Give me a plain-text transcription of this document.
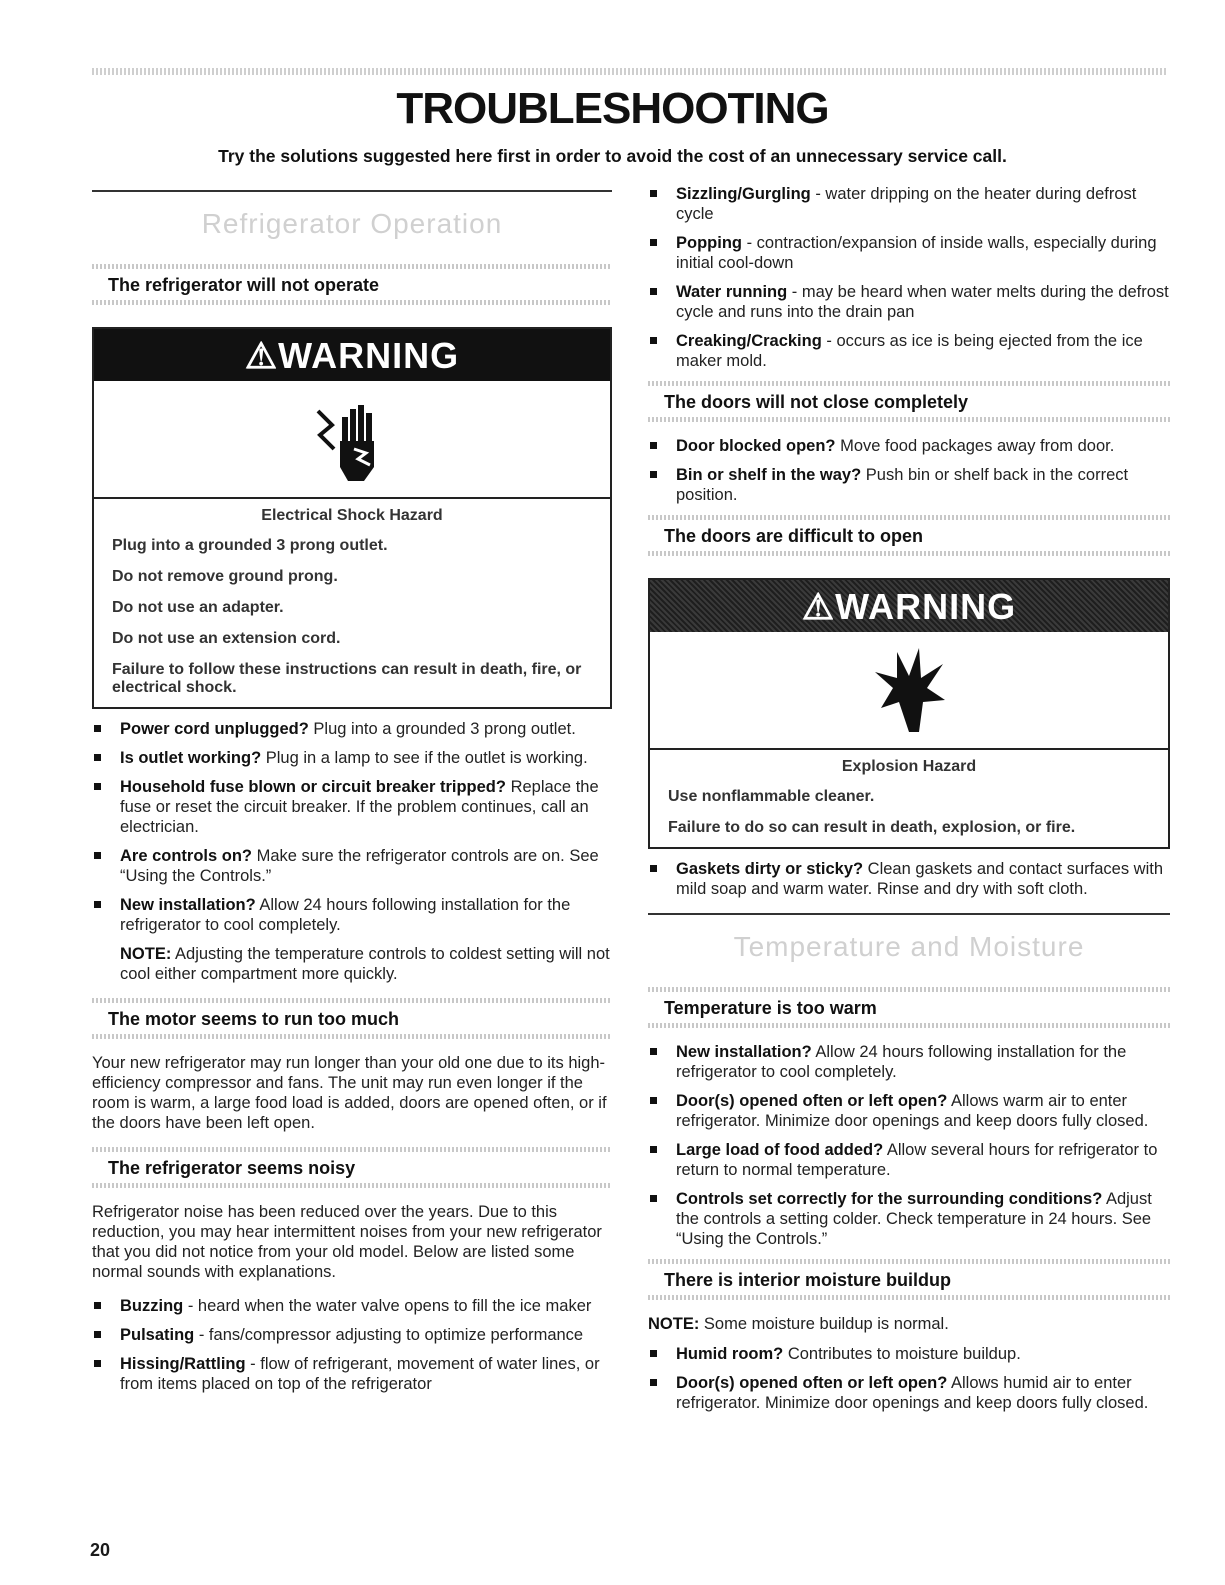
TROUBLESHOOTING
Try the solutions suggested here first in order to avoid the cost of an unnecessary service call.
Refrigerator Operation
The refrigerator will not operate
⚠WARNING
Electrical Shock Hazard
Plug into a grounded 3 prong outlet.
Do not remove ground prong.
Do not use an adapter.
Do not use an extension cord.
Failure to follow these instructions can result in death, fire, or electrical shock.
Power cord unplugged? Plug into a grounded 3 prong outlet.
Is outlet working? Plug in a lamp to see if the outlet is working.
Household fuse blown or circuit breaker tripped? Replace the fuse or reset the circuit breaker. If the problem continues, call an electrician.
Are controls on? Make sure the refrigerator controls are on. See “Using the Controls.”
New installation? Allow 24 hours following installation for the refrigerator to cool completely.
NOTE: Adjusting the temperature controls to coldest setting will not cool either compartment more quickly.
The motor seems to run too much

Your new refrigerator may run longer than your old one due to its high-efficiency compressor and fans. The unit may run even longer if the room is warm, a large food load is added, doors are opened often, or if the doors have been left open.

The refrigerator seems noisy

Refrigerator noise has been reduced over the years. Due to this reduction, you may hear intermittent noises from your new refrigerator that you did not notice from your old model. Below are listed some normal sounds with explanations.

Buzzing - heard when the water valve opens to fill the ice maker
Pulsating - fans/compressor adjusting to optimize performance
Hissing/Rattling - flow of refrigerant, movement of water lines, or from items placed on top of the refrigerator
Sizzling/Gurgling - water dripping on the heater during defrost cycle
Popping - contraction/expansion of inside walls, especially during initial cool-down
Water running - may be heard when water melts during the defrost cycle and runs into the drain pan
Creaking/Cracking - occurs as ice is being ejected from the ice maker mold.
The doors will not close completely
Door blocked open? Move food packages away from door.
Bin or shelf in the way? Push bin or shelf back in the correct position.
The doors are difficult to open
⚠WARNING
Explosion Hazard
Use nonflammable cleaner.
Failure to do so can result in death, explosion, or fire.
Gaskets dirty or sticky? Clean gaskets and contact surfaces with mild soap and warm water. Rinse and dry with soft cloth.
Temperature and Moisture
Temperature is too warm
New installation? Allow 24 hours following installation for the refrigerator to cool completely.
Door(s) opened often or left open? Allows warm air to enter refrigerator. Minimize door openings and keep doors fully closed.
Large load of food added? Allow several hours for refrigerator to return to normal temperature.
Controls set correctly for the surrounding conditions? Adjust the controls a setting colder. Check temperature in 24 hours. See “Using the Controls.”
There is interior moisture buildup
NOTE: Some moisture buildup is normal.
Humid room? Contributes to moisture buildup.
Door(s) opened often or left open? Allows humid air to enter refrigerator. Minimize door openings and keep doors fully closed.
20
